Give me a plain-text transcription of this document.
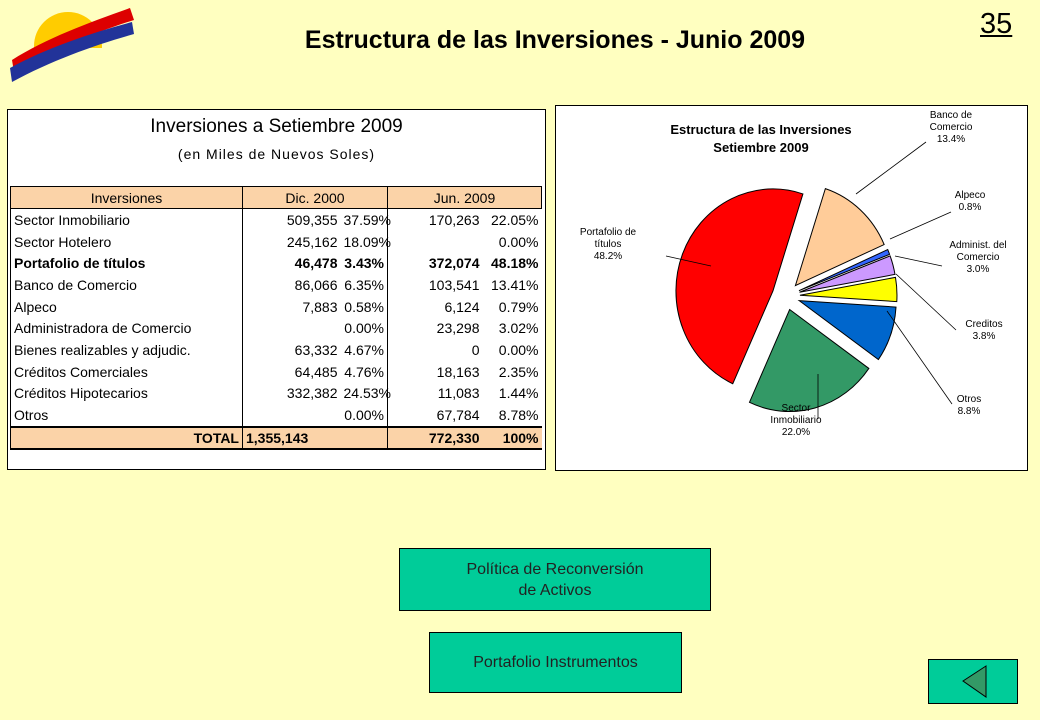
35
Estructura de las Inversiones - Junio 2009
Inversiones a Setiembre 2009
(en Miles de Nuevos Soles)
Inversiones	Dic. 2000		Jun. 2009	
Sector Inmobiliario	509,355	37.59%	170,263	22.05%
Sector Hotelero	245,162	18.09%		0.00%
Portafolio de títulos	46,478	3.43%	372,074	48.18%
Banco de Comercio	86,066	6.35%	103,541	13.41%
Alpeco	7,883	0.58%	6,124	0.79%
Administradora de Comercio		0.00%	23,298	3.02%
Bienes realizables y adjudic.	63,332	4.67%	0	0.00%
Créditos Comerciales	64,485	4.76%	18,163	2.35%
Créditos Hipotecarios	332,382	24.53%	11,083	1.44%
Otros		0.00%	67,784	8.78%
TOTAL	1,355,143		772,330	100%
Estructura de las Inversiones
Setiembre 2009
Banco de Comercio 13.4%
Alpeco 0.8%
Administ. del Comercio 3.0%
Creditos 3.8%
Otros 8.8%
Sector Inmobiliario 22.0%
Portafolio de títulos 48.2%
Política de Reconversión
de Activos
Portafolio Instrumentos
